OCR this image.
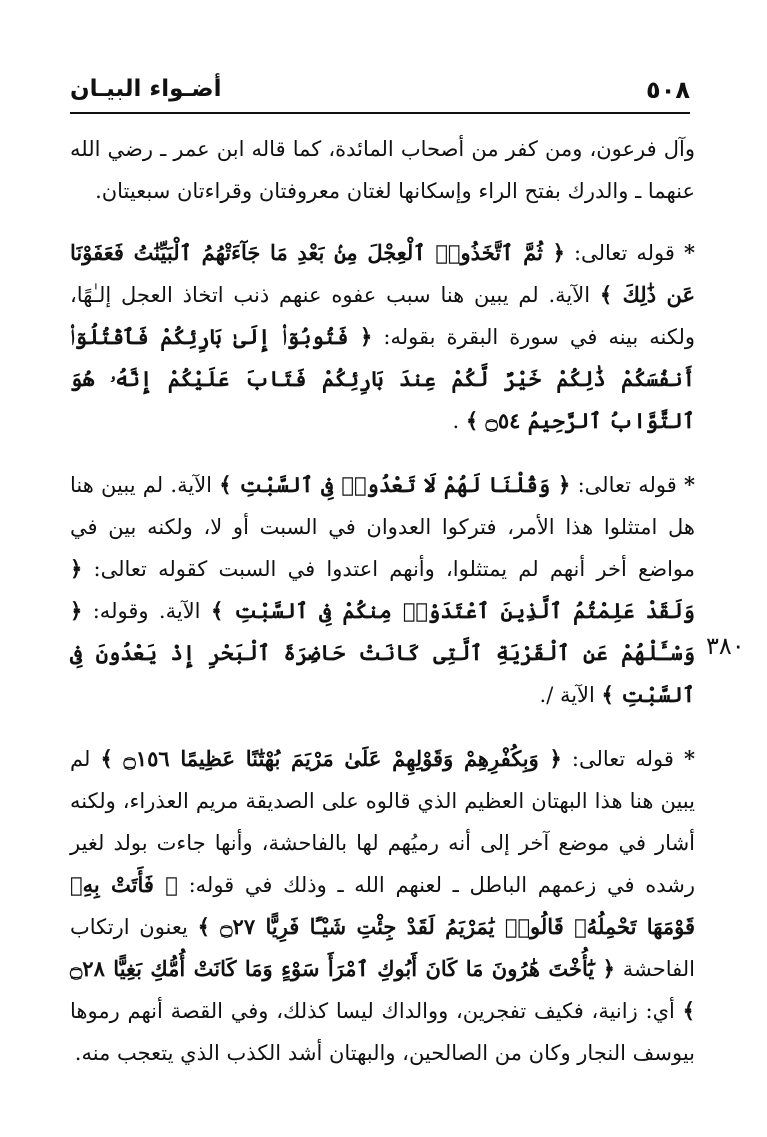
٥٠٨
أضـواء البيـان
٣٨٠

وآل فرعون، ومن كفر من أصحاب المائدة، كما قاله ابن عمر ـ رضي الله عنهما ـ والدرك بفتح الراء وإسكانها لغتان معروفتان وقراءتان سبعيتان.

* قوله تعالى: ﴿ ثُمَّ ٱتَّخَذُوا۟ ٱلْعِجْلَ مِنۢ بَعْدِ مَا جَآءَتْهُمُ ٱلْبَيِّنَٰتُ فَعَفَوْنَا عَن ذَٰلِكَ ﴾ الآية. لم يبين هنا سبب عفوه عنهم ذنب اتخاذ العجل إلـٰهًا، ولكنه بينه في سورة البقرة بقوله: ﴿ فَتُوبُوٓا۟ إِلَىٰ بَارِئِكُمْ فَٱقْتُلُوٓا۟ أَنفُسَكُمْ ذَٰلِكُمْ خَيْرٌ لَّكُمْ عِندَ بَارِئِكُمْ فَتَابَ عَلَيْكُمْ إِنَّهُۥ هُوَ ٱلتَّوَّابُ ٱلرَّحِيمُ ۝٥٤ ﴾ .

* قوله تعالى: ﴿ وَقُلْنَا لَهُمْ لَا تَعْدُوا۟ فِى ٱلسَّبْتِ ﴾ الآية. لم يبين هنا هل امتثلوا هذا الأمر، فتركوا العدوان في السبت أو لا، ولكنه بين في مواضع أخر أنهم لم يمتثلوا، وأنهم اعتدوا في السبت كقوله تعالى: ﴿ وَلَقَدْ عَلِمْتُمُ ٱلَّذِينَ ٱعْتَدَوْا۟ مِنكُمْ فِى ٱلسَّبْتِ ﴾ الآية. وقوله: ﴿ وَسْـَٔلْهُمْ عَنِ ٱلْقَرْيَةِ ٱلَّتِى كَانَتْ حَاضِرَةَ ٱلْبَحْرِ إِذْ يَعْدُونَ فِى ٱلسَّبْتِ ﴾ الآية /.

* قوله تعالى: ﴿ وَبِكُفْرِهِمْ وَقَوْلِهِمْ عَلَىٰ مَرْيَمَ بُهْتَٰنًا عَظِيمًا ۝١٥٦ ﴾ لم يبين هنا هذا البهتان العظيم الذي قالوه على الصديقة مريم العذراء، ولكنه أشار في موضع آخر إلى أنه رميُهم لها بالفاحشة، وأنها جاءت بولد لغير رشده في زعمهم الباطل ـ لعنهم الله ـ وذلك في قوله: ﴿ فَأَتَتْ بِهِۦ قَوْمَهَا تَحْمِلُهُۥ قَالُوا۟ يَٰمَرْيَمُ لَقَدْ جِئْتِ شَيْـًٔا فَرِيًّا ۝٢٧ ﴾ يعنون ارتكاب الفاحشة ﴿ يَٰٓأُخْتَ هَٰرُونَ مَا كَانَ أَبُوكِ ٱمْرَأَ سَوْءٍ وَمَا كَانَتْ أُمُّكِ بَغِيًّا ۝٢٨ ﴾ أي: زانية، فكيف تفجرين، ووالداك ليسا كذلك، وفي القصة أنهم رموها بيوسف النجار وكان من الصالحين، والبهتان أشد الكذب الذي يتعجب منه.
